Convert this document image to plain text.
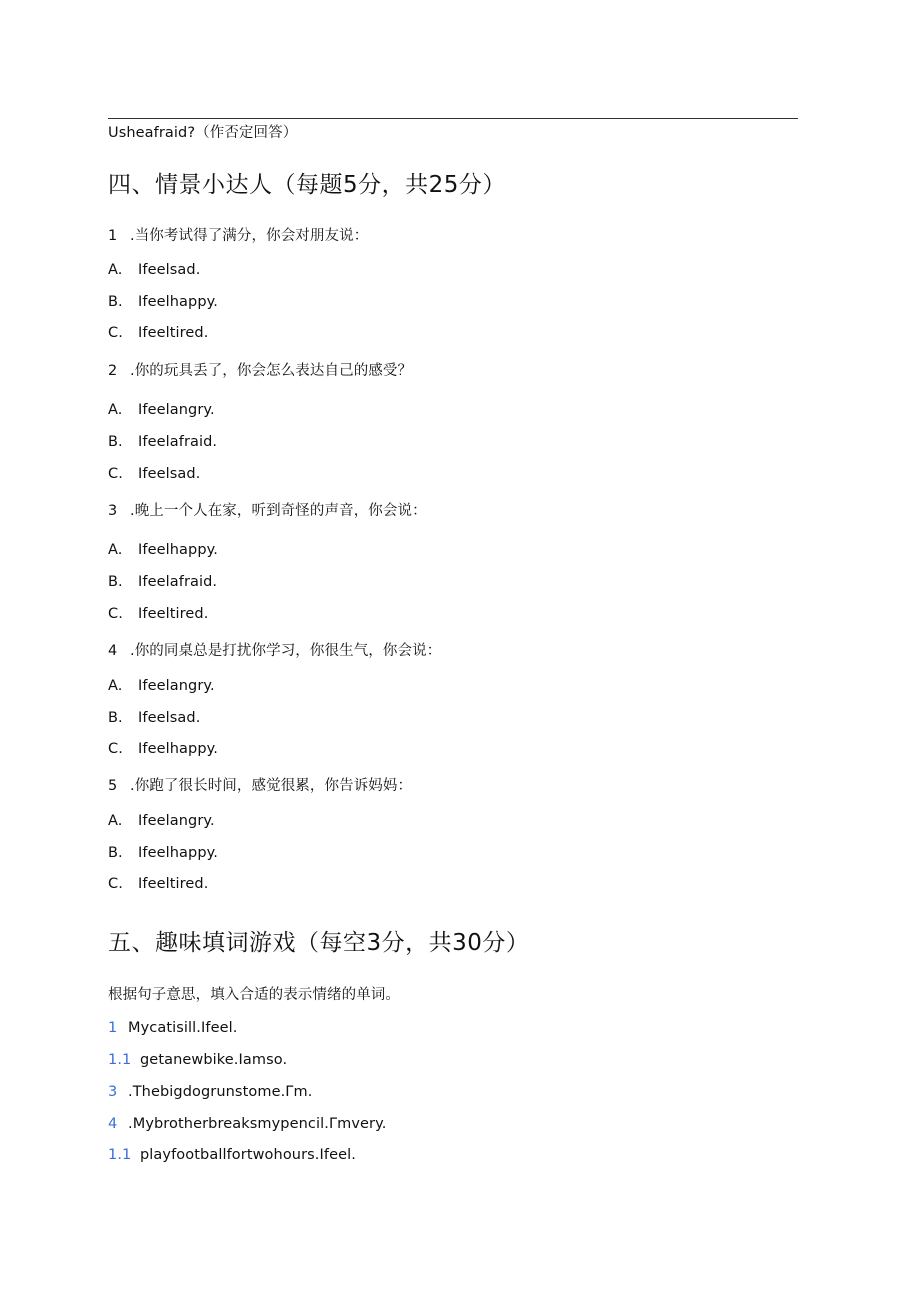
Usheafraid?（作否定回答）
四、情景小达人（每题5分，共25分）
1 .当你考试得了满分，你会对朋友说：
A. Ifeelsad.
B. Ifeelhappy.
C. Ifeeltired.
2 .你的玩具丢了，你会怎么表达自己的感受？
A. Ifeelangry.
B. Ifeelafraid.
C. Ifeelsad.
3 .晚上一个人在家，听到奇怪的声音，你会说：
A. Ifeelhappy.
B. Ifeelafraid.
C. Ifeeltired.
4 .你的同桌总是打扰你学习，你很生气，你会说：
A. Ifeelangry.
B. Ifeelsad.
C. Ifeelhappy.
5 .你跑了很长时间，感觉很累，你告诉妈妈：
A. Ifeelangry.
B. Ifeelhappy.
C. Ifeeltired.
五、趣味填词游戏（每空3分，共30分）
根据句子意思，填入合适的表示情绪的单词。
1 Mycatisill.Ifeel.
1.1 getanewbike.Iamso.
3 .Thebigdogrunstome.Γm.
4 .Mybrotherbreaksmypencil.Γmvery.
1.1 playfootballfortwohours.Ifeel.
